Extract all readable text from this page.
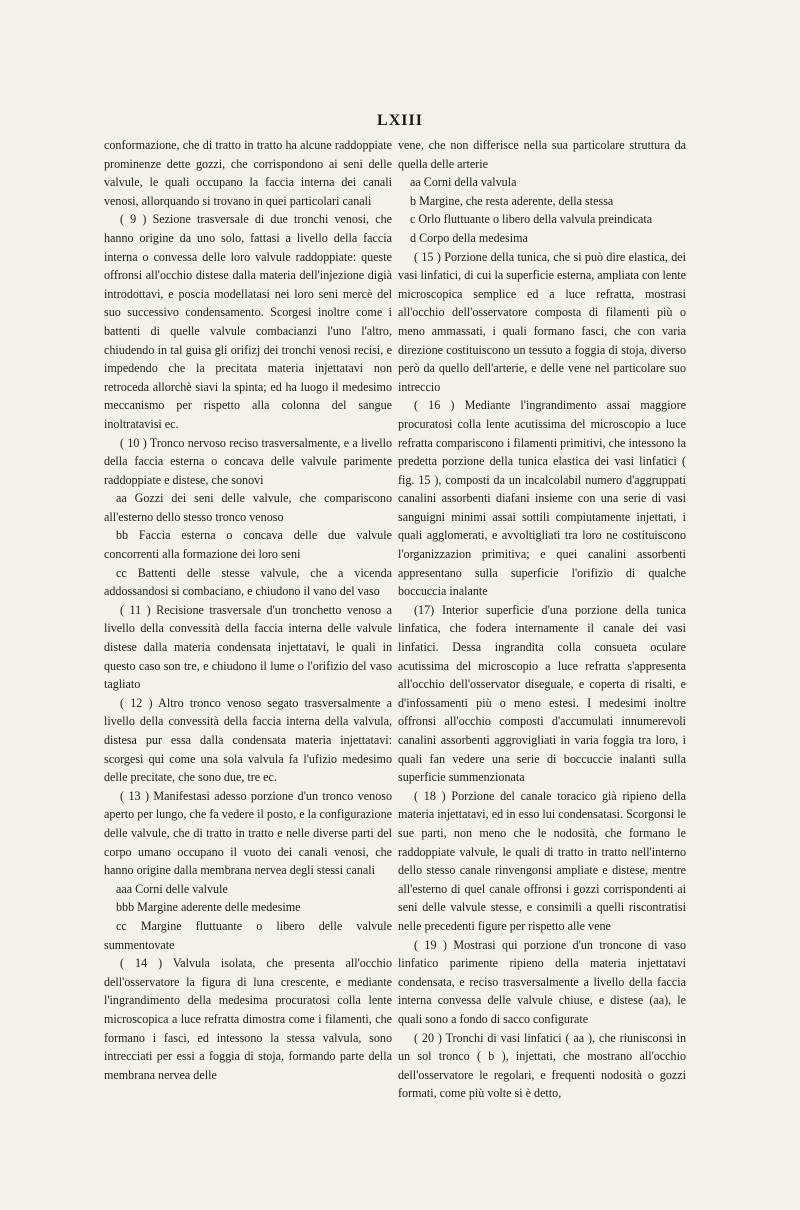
LXIII

conformazione, che di tratto in tratto ha alcune raddoppiate prominenze dette gozzi, che corrispondono ai seni delle valvule, le quali occupano la faccia interna dei canali venosi, allorquando si trovano in quei particolari canali

( 9 ) Sezione trasversale di due tronchi venosi, che hanno origine da uno solo, fattasi a livello della faccia interna o convessa delle loro valvule raddoppiate: queste offronsi all'occhio distese dalla materia dell'injezione digià introdottavi, e poscia modellatasi nei loro seni mercè del suo successivo condensamento. Scorgesi inoltre come i battenti di quelle valvule combacianzi l'uno l'altro, chiudendo in tal guisa gli orifizj dei tronchi venosi recisi, e impedendo che la precitata materia injettatavi non retroceda allorchè siavi la spinta; ed ha luogo il medesimo meccanismo per rispetto alla colonna del sangue inoltratavisi ec.

( 10 ) Tronco nervoso reciso trasversalmente, e a livello della faccia esterna o concava delle valvule parimente raddoppiate e distese, che sonovi

aa Gozzi dei seni delle valvule, che compariscono all'esterno dello stesso tronco venoso

bb Faccia esterna o concava delle due valvule concorrenti alla formazione dei loro seni

cc Battenti delle stesse valvule, che a vicenda addossandosi si combaciano, e chiudono il vano del vaso

( 11 ) Recisione trasversale d'un tronchetto venoso a livello della convessità della faccia interna delle valvule distese dalla materia condensata injettatavi, le quali in questo caso son tre, e chiudono il lume o l'orifizio del vaso tagliato

( 12 ) Altro tronco venoso segato trasversalmente a livello della convessità della faccia interna della valvula, distesa pur essa dalla condensata materia injettatavi: scorgesi qui come una sola valvula fa l'ufizio medesimo delle precitate, che sono due, tre ec.

( 13 ) Manifestasi adesso porzione d'un tronco venoso aperto per lungo, che fa vedere il posto, e la configurazione delle valvule, che di tratto in tratto e nelle diverse parti del corpo umano occupano il vuoto dei canali venosi, che hanno origine dalla membrana nervea degli stessi canali

aaa Corni delle valvule

bbb Margine aderente delle medesime

cc Margine fluttuante o libero delle valvule summentovate

( 14 ) Valvula isolata, che presenta all'occhio dell'osservatore la figura di luna crescente, e mediante l'ingrandimento della medesima procuratosi colla lente microscopica a luce refratta dimostra come i filamenti, che formano i fasci, ed intessono la stessa valvula, sono intrecciati per essi a foggia di stoja, formando parte della membrana nervea delle

vene, che non differisce nella sua particolare struttura da quella delle arterie

aa Corni della valvula

b Margine, che resta aderente, della stessa

c Orlo fluttuante o libero della valvula preindicata

d Corpo della medesima

( 15 ) Porzione della tunica, che si può dire elastica, dei vasi linfatici, di cui la superficie esterna, ampliata con lente microscopica semplice ed a luce refratta, mostrasi all'occhio dell'osservatore composta di filamenti più o meno ammassati, i quali formano fasci, che con varia direzione costituiscono un tessuto a foggia di stoja, diverso però da quello dell'arterie, e delle vene nel particolare suo intreccio

( 16 ) Mediante l'ingrandimento assai maggiore procuratosi colla lente acutissima del microscopio a luce refratta compariscono i filamenti primitivi, che intessono la predetta porzione della tunica elastica dei vasi linfatici ( fig. 15 ), composti da un incalcolabil numero d'aggruppati canalini assorbenti diafani insieme con una serie di vasi sanguigni minimi assai sottili compiutamente injettati, i quali agglomerati, e avvoltigliati tra loro ne costituiscono l'organizzazion primitiva; e quei canalini assorbenti appresentano sulla superficie l'orifizio di qualche boccuccia inalante

(17) Interior superficie d'una porzione della tunica linfatica, che fodera internamente il canale dei vasi linfatici. Dessa ingrandita colla consueta oculare acutissima del microscopio a luce refratta s'appresenta all'occhio dell'osservator diseguale, e coperta di risalti, e d'infossamenti più o meno estesi. I medesimi inoltre offronsi all'occhio composti d'accumulati innumerevoli canalini assorbenti aggrovigliati in varia foggia tra loro, i quali fan vedere una serie di boccuccie inalanti sulla superficie summenzionata

( 18 ) Porzione del canale toracico già ripieno della materia injettatavi, ed in esso lui condensatasi. Scorgonsi le sue parti, non meno che le nodosità, che formano le raddoppiate valvule, le quali di tratto in tratto nell'interno dello stesso canale rinvengonsi ampliate e distese, mentre all'esterno di quel canale offronsi i gozzi corrispondenti ai seni delle valvule stesse, e consimili a quelli riscontratisi nelle precedenti figure per rispetto alle vene

( 19 ) Mostrasi qui porzione d'un troncone di vaso linfatico parimente ripieno della materia injettatavi condensata, e reciso trasversalmente a livello della faccia interna convessa delle valvule chiuse, e distese (aa), le quali sono a fondo di sacco configurate

( 20 ) Tronchi di vasi linfatici ( aa ), che riunisconsi in un sol tronco ( b ), injettati, che mostrano all'occhio dell'osservatore le regolari, e frequenti nodosità o gozzi formati, come più volte si è detto,
